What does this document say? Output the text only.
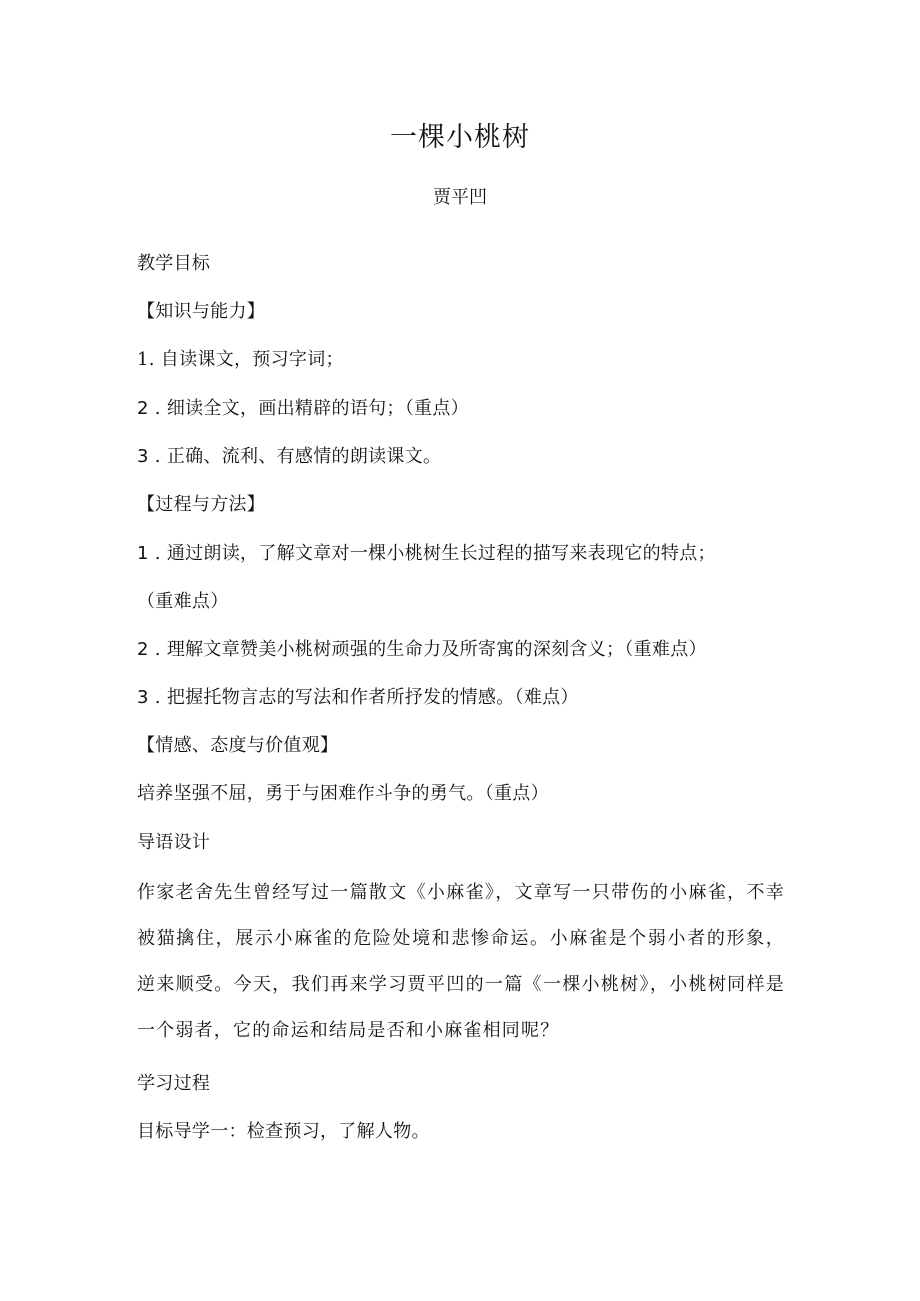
一棵小桃树
贾平凹
教学目标
【知识与能力】
1. 自读课文，预习字词；
2 . 细读全文，画出精辟的语句；（重点）
3 . 正确、流利、有感情的朗读课文。
【过程与方法】
1 . 通过朗读，了解文章对一棵小桃树生长过程的描写来表现它的特点；
（重难点）
2 . 理解文章赞美小桃树顽强的生命力及所寄寓的深刻含义；（重难点）
3 . 把握托物言志的写法和作者所抒发的情感。（难点）
【情感、态度与价值观】
培养坚强不屈，勇于与困难作斗争的勇气。（重点）
导语设计
作家老舍先生曾经写过一篇散文《小麻雀》，文章写一只带伤的小麻雀，不幸被猫擒住，展示小麻雀的危险处境和悲惨命运。小麻雀是个弱小者的形象，逆来顺受。今天，我们再来学习贾平凹的一篇《一棵小桃树》，小桃树同样是一个弱者，它的命运和结局是否和小麻雀相同呢？
学习过程
目标导学一：检查预习，了解人物。
